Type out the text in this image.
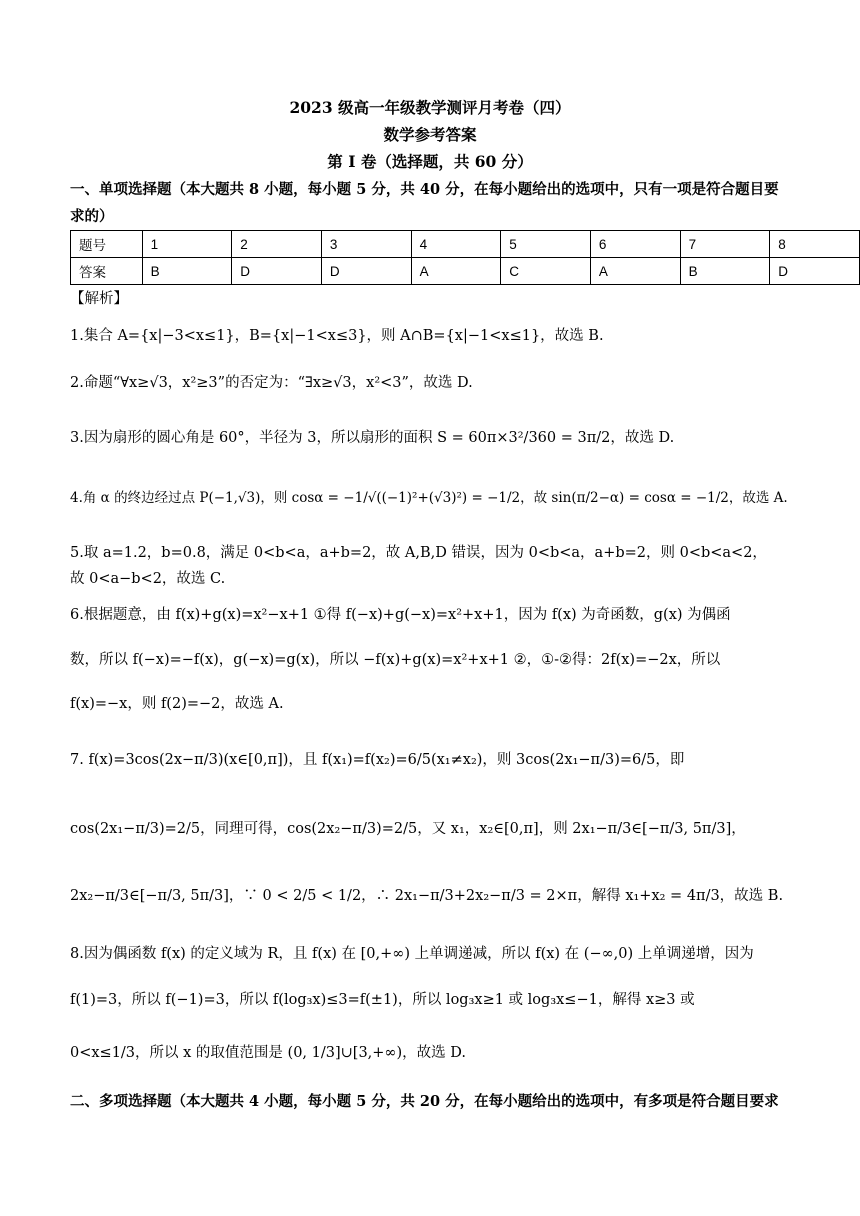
2023 级高一年级教学测评月考卷（四）
数学参考答案
第 I 卷（选择题，共 60 分）
一、单项选择题（本大题共 8 小题，每小题 5 分，共 40 分，在每小题给出的选项中，只有一项是符合题目要
求的）
题号	1	2	3	4	5	6	7	8
答案	B	D	D	A	C	A	B	D
【解析】
1.集合 A={x|−3<x≤1}，B={x|−1<x≤3}，则 A∩B={x|−1<x≤1}，故选 B.
2.命题“∀x≥√3，x²≥3”的否定为：“∃x≥√3，x²<3”，故选 D.
3.因为扇形的圆心角是 60°，半径为 3，所以扇形的面积 S = 60π×3²/360 = 3π/2，故选 D.
4.角 α 的终边经过点 P(−1,√3)，则 cosα = −1/√((−1)²+(√3)²) = −1/2，故 sin(π/2−α) = cosα = −1/2，故选 A.
5.取 a=1.2，b=0.8，满足 0<b<a，a+b=2，故 A,B,D 错误，因为 0<b<a，a+b=2，则 0<b<a<2，
故 0<a−b<2，故选 C.
6.根据题意，由 f(x)+g(x)=x²−x+1 ①得 f(−x)+g(−x)=x²+x+1，因为 f(x) 为奇函数，g(x) 为偶函
数，所以 f(−x)=−f(x)，g(−x)=g(x)，所以 −f(x)+g(x)=x²+x+1 ②，①-②得：2f(x)=−2x，所以
f(x)=−x，则 f(2)=−2，故选 A.
7. f(x)=3cos(2x−π/3)(x∈[0,π])，且 f(x₁)=f(x₂)=6/5(x₁≠x₂)，则 3cos(2x₁−π/3)=6/5，即
cos(2x₁−π/3)=2/5，同理可得，cos(2x₂−π/3)=2/5，又 x₁，x₂∈[0,π]，则 2x₁−π/3∈[−π/3, 5π/3]，
2x₂−π/3∈[−π/3, 5π/3]，∵ 0 < 2/5 < 1/2，∴ 2x₁−π/3+2x₂−π/3 = 2×π，解得 x₁+x₂ = 4π/3，故选 B.
8.因为偶函数 f(x) 的定义域为 R，且 f(x) 在 [0,+∞) 上单调递减，所以 f(x) 在 (−∞,0) 上单调递增，因为
f(1)=3，所以 f(−1)=3，所以 f(log₃x)≤3=f(±1)，所以 log₃x≥1 或 log₃x≤−1，解得 x≥3 或
0<x≤1/3，所以 x 的取值范围是 (0, 1/3]∪[3,+∞)，故选 D.
二、多项选择题（本大题共 4 小题，每小题 5 分，共 20 分，在每小题给出的选项中，有多项是符合题目要求
